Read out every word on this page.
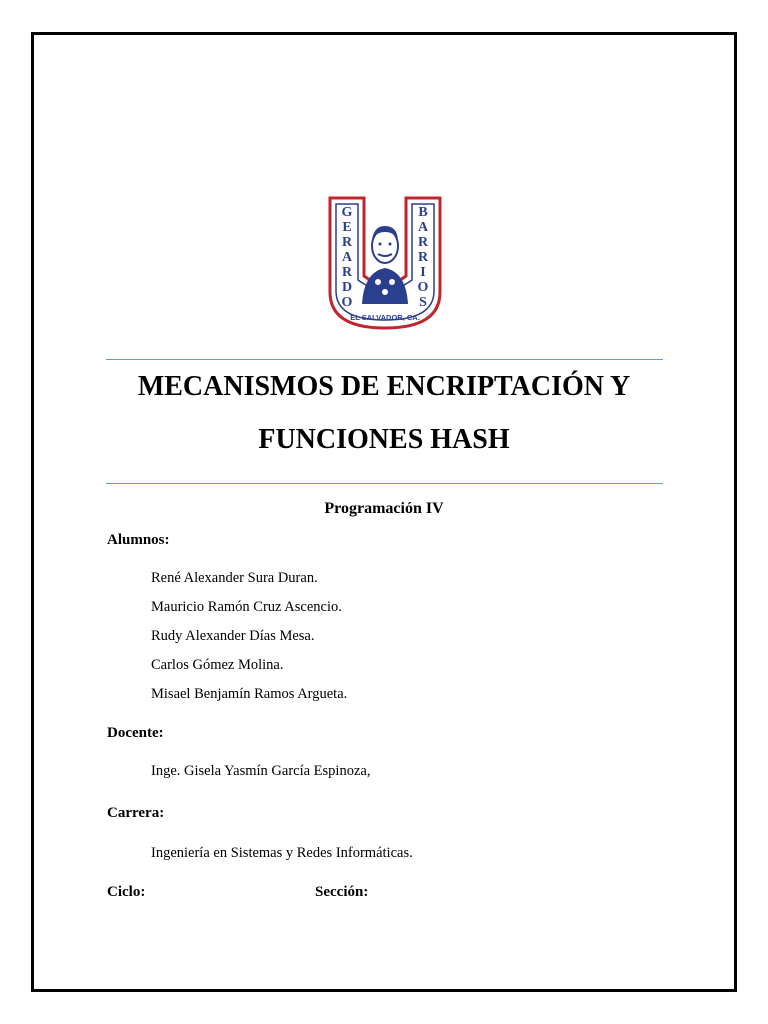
G
E
R
A
R
D
O
B
A
R
R
I
O
S
EL SALVADOR, CA.
MECANISMOS DE ENCRIPTACIÓN Y
FUNCIONES HASH
Programación IV
Alumnos:
René Alexander Sura Duran.
Mauricio Ramón Cruz Ascencio.
Rudy Alexander Días Mesa.
Carlos Gómez Molina.
Misael Benjamín Ramos Argueta.
Docente:
Inge. Gisela Yasmín García Espinoza,
Carrera:
Ingeniería en Sistemas y Redes Informáticas.
Ciclo:	Sección:
